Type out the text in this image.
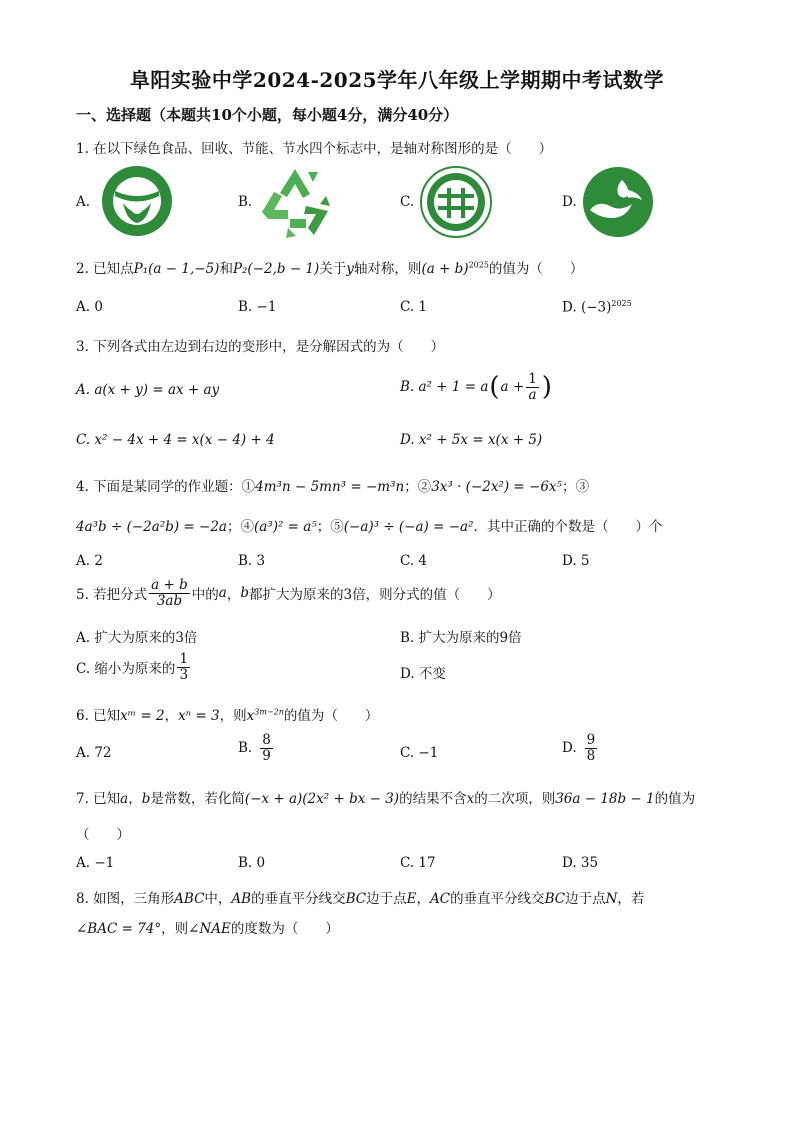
阜阳实验中学2024-2025学年八年级上学期期中考试数学
一、选择题（本题共10个小题，每小题4分，满分40分）
1. 在以下绿色食品、回收、节能、节水四个标志中，是轴对称图形的是（　　）
A.	B.	C.	D.
2. 已知点P₁(a − 1,−5)和P₂(−2,b − 1)关于y轴对称，则$(a + b)^{2025}$的值为（　　）
A. 0	B. −1	C. 1	D. $(-3)^{2025}$
3. 下列各式由左边到右边的变形中，是分解因式的为（　　）
A. a(x + y) = ax + ay	B. a² + 1 = a ( $a + \frac{1}{a}$ )
C. x² − 4x + 4 = x(x − 4) + 4	D. x² + 5x = x(x + 5)
4. 下面是某同学的作业题：①4m³n − 5mn³ = −m³n；②3x³ · (−2x²) = −6x⁵；③
4a³b ÷ (−2a²b) = −2a；④(a³)² = a⁵；⑤(−a)³ ÷ (−a) = −a²．其中正确的个数是（　　）个
A. 2	B. 3	C. 4	D. 5
5. 若把分式 $\frac{a + b}{3ab}$ 中的 a ， b 都扩大为原来的3倍，则分式的值（　　）
A. 扩大为原来的3倍	B. 扩大为原来的9倍
C. 缩小为原来的 $\frac{1}{3}$	D. 不变
6. 已知xᵐ = 2，xⁿ = 3，则$x^{3m-2n}$的值为（　　）
A. 72	B. $\frac{8}{9}$	C. −1	D. $\frac{9}{8}$
7. 已知a，b是常数，若化简(−x + a)(2x² + bx − 3)的结果不含x的二次项，则36a − 18b − 1的值为
（　　）
A. −1	B. 0	C. 17	D. 35
8. 如图，三角形ABC中，AB的垂直平分线交BC边于点E，AC的垂直平分线交BC边于点N，若
∠BAC = 74°，则∠NAE的度数为（　　）
